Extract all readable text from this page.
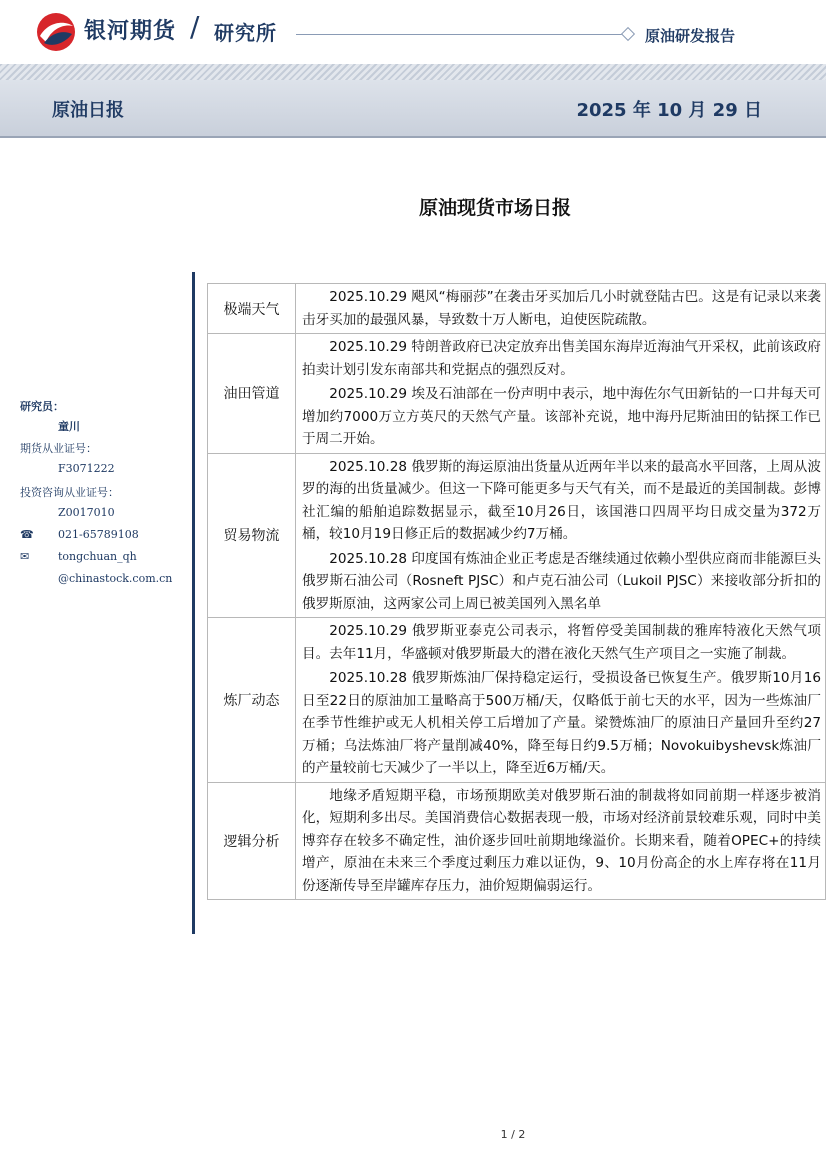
银河期货 / 研究所	原油研发报告
原油日报	2025 年 10 月 29 日
原油现货市场日报
研究员：
童川
期货从业证号：
F3071222
投资咨询从业证号：
Z0017010
☎	021-65789108
✉	tongchuan_qh
@chinastock.com.cn
极端天气	2025.10.29 飓风“梅丽莎”在袭击牙买加后几小时就登陆古巴。这是有记录以来袭击牙买加的最强风暴，导致数十万人断电，迫使医院疏散。

油田管道	2025.10.29 特朗普政府已决定放弃出售美国东海岸近海油气开采权，此前该政府拍卖计划引发东南部共和党据点的强烈反对。
2025.10.29 埃及石油部在一份声明中表示，地中海佐尔气田新钻的一口井每天可增加约7000万立方英尺的天然气产量。该部补充说，地中海丹尼斯油田的钻探工作已于周二开始。

贸易物流	2025.10.28 俄罗斯的海运原油出货量从近两年半以来的最高水平回落，上周从波罗的海的出货量减少。但这一下降可能更多与天气有关，而不是最近的美国制裁。彭博社汇编的船舶追踪数据显示，截至10月26日，该国港口四周平均日成交量为372万桶，较10月19日修正后的数据减少约7万桶。
2025.10.28 印度国有炼油企业正考虑是否继续通过依赖小型供应商而非能源巨头俄罗斯石油公司（Rosneft PJSC）和卢克石油公司（Lukoil PJSC）来接收部分折扣的俄罗斯原油，这两家公司上周已被美国列入黑名单

炼厂动态	2025.10.29 俄罗斯亚泰克公司表示，将暂停受美国制裁的雅库特液化天然气项目。去年11月，华盛顿对俄罗斯最大的潜在液化天然气生产项目之一实施了制裁。
2025.10.28 俄罗斯炼油厂保持稳定运行，受损设备已恢复生产。俄罗斯10月16日至22日的原油加工量略高于500万桶/天，仅略低于前七天的水平，因为一些炼油厂在季节性维护或无人机相关停工后增加了产量。梁赞炼油厂的原油日产量回升至约27万桶；乌法炼油厂将产量削减40%，降至每日约9.5万桶；Novokuibyshevsk炼油厂的产量较前七天减少了一半以上，降至近6万桶/天。

逻辑分析	地缘矛盾短期平稳，市场预期欧美对俄罗斯石油的制裁将如同前期一样逐步被消化，短期利多出尽。美国消费信心数据表现一般，市场对经济前景较难乐观，同时中美博弈存在较多不确定性，油价逐步回吐前期地缘溢价。长期来看，随着OPEC+的持续增产，原油在未来三个季度过剩压力难以证伪，9、10月份高企的水上库存将在11月份逐渐传导至岸罐库存压力，油价短期偏弱运行。
1 / 2
